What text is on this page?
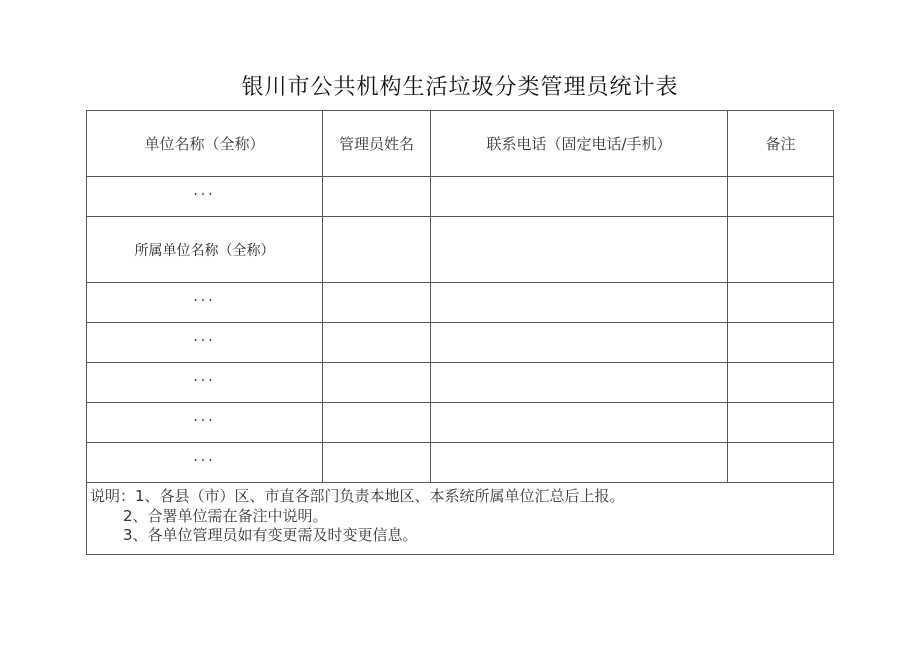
银川市公共机构生活垃圾分类管理员统计表
单位名称（全称）	管理员姓名	联系电话（固定电话/手机）	备注
···			
所属单位名称（全称）			
···			
···			
···			
···			
···			

说明：1、各县（市）区、市直各部门负责本地区、本系统所属单位汇总后上报。
2、合署单位需在备注中说明。
3、各单位管理员如有变更需及时变更信息。			
